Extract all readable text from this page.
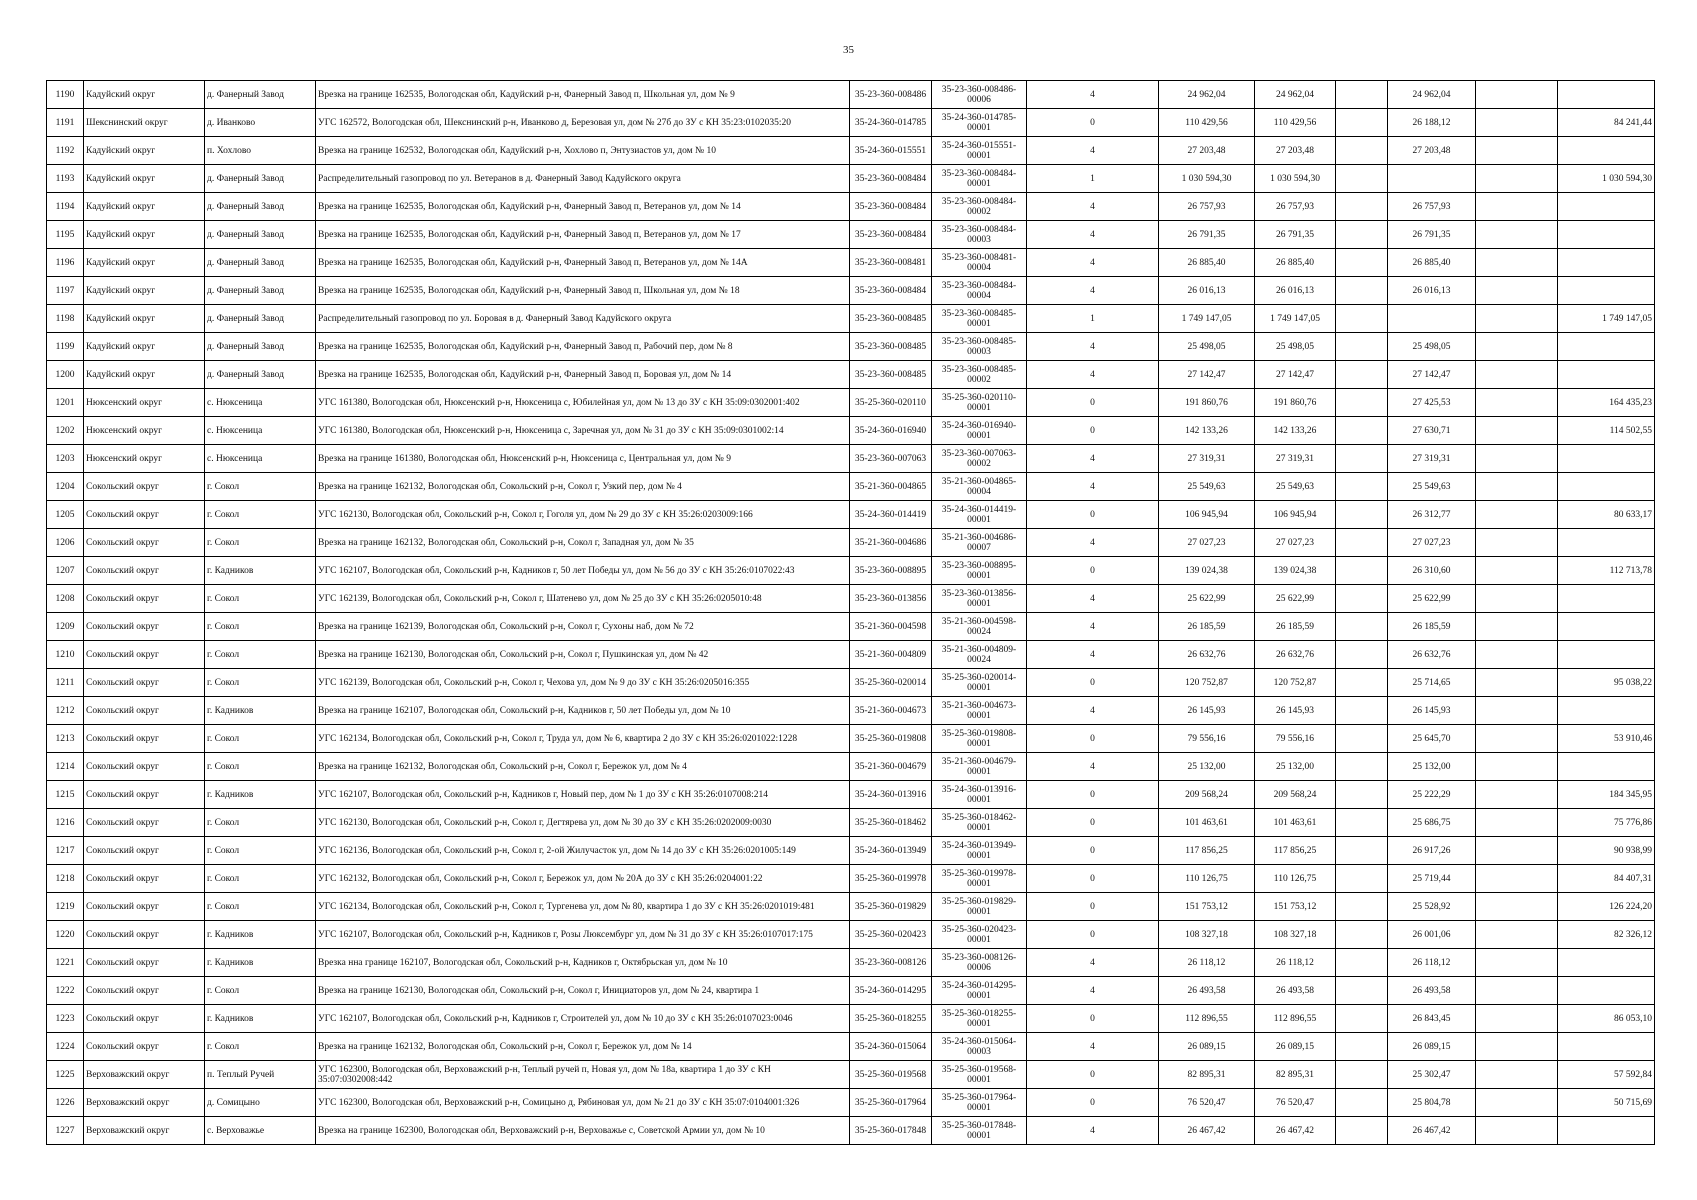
35
1190	Кадуйский округ	д. Фанерный Завод	Врезка на границе 162535, Вологодская обл, Кадуйский р-н, Фанерный Завод п, Школьная ул, дом № 9	35-23-360-008486	35-23-360-008486-00006	4	24 962,04	24 962,04		24 962,04		
1191	Шекснинский округ	д. Иванково	УГС 162572, Вологодская обл, Шекснинский р-н, Иванково д, Березовая ул, дом № 27б до ЗУ с КН 35:23:0102035:20	35-24-360-014785	35-24-360-014785-00001	0	110 429,56	110 429,56		26 188,12		84 241,44
1192	Кадуйский округ	п. Хохлово	Врезка на границе 162532, Вологодская обл, Кадуйский р-н, Хохлово п, Энтузиастов ул, дом № 10	35-24-360-015551	35-24-360-015551-00001	4	27 203,48	27 203,48		27 203,48		
1193	Кадуйский округ	д. Фанерный Завод	Распределительный газопровод по ул. Ветеранов в д. Фанерный Завод Кадуйского округа	35-23-360-008484	35-23-360-008484-00001	1	1 030 594,30	1 030 594,30				1 030 594,30
1194	Кадуйский округ	д. Фанерный Завод	Врезка на границе 162535, Вологодская обл, Кадуйский р-н, Фанерный Завод п, Ветеранов ул, дом № 14	35-23-360-008484	35-23-360-008484-00002	4	26 757,93	26 757,93		26 757,93		
1195	Кадуйский округ	д. Фанерный Завод	Врезка на границе 162535, Вологодская обл, Кадуйский р-н, Фанерный Завод п, Ветеранов ул, дом № 17	35-23-360-008484	35-23-360-008484-00003	4	26 791,35	26 791,35		26 791,35		
1196	Кадуйский округ	д. Фанерный Завод	Врезка на границе 162535, Вологодская обл, Кадуйский р-н, Фанерный Завод п, Ветеранов ул, дом № 14А	35-23-360-008481	35-23-360-008481-00004	4	26 885,40	26 885,40		26 885,40		
1197	Кадуйский округ	д. Фанерный Завод	Врезка на границе 162535, Вологодская обл, Кадуйский р-н, Фанерный Завод п, Школьная ул, дом № 18	35-23-360-008484	35-23-360-008484-00004	4	26 016,13	26 016,13		26 016,13		
1198	Кадуйский округ	д. Фанерный Завод	Распределительный газопровод по ул. Боровая в д. Фанерный Завод Кадуйского округа	35-23-360-008485	35-23-360-008485-00001	1	1 749 147,05	1 749 147,05				1 749 147,05
1199	Кадуйский округ	д. Фанерный Завод	Врезка на границе 162535, Вологодская обл, Кадуйский р-н, Фанерный Завод п, Рабочий пер, дом № 8	35-23-360-008485	35-23-360-008485-00003	4	25 498,05	25 498,05		25 498,05		
1200	Кадуйский округ	д. Фанерный Завод	Врезка на границе 162535, Вологодская обл, Кадуйский р-н, Фанерный Завод п, Боровая ул, дом № 14	35-23-360-008485	35-23-360-008485-00002	4	27 142,47	27 142,47		27 142,47		
1201	Нюксенский округ	с. Нюксеница	УГС 161380, Вологодская обл, Нюксенский р-н, Нюксеница с, Юбилейная ул, дом № 13 до ЗУ с КН 35:09:0302001:402	35-25-360-020110	35-25-360-020110-00001	0	191 860,76	191 860,76		27 425,53		164 435,23
1202	Нюксенский округ	с. Нюксеница	УГС 161380, Вологодская обл, Нюксенский р-н, Нюксеница с, Заречная ул, дом № 31 до ЗУ с КН 35:09:0301002:14	35-24-360-016940	35-24-360-016940-00001	0	142 133,26	142 133,26		27 630,71		114 502,55
1203	Нюксенский округ	с. Нюксеница	Врезка на границе 161380, Вологодская обл, Нюксенский р-н, Нюксеница с, Центральная ул, дом № 9	35-23-360-007063	35-23-360-007063-00002	4	27 319,31	27 319,31		27 319,31		
1204	Сокольский округ	г. Сокол	Врезка на границе 162132, Вологодская обл, Сокольский р-н, Сокол г, Узкий пер, дом № 4	35-21-360-004865	35-21-360-004865-00004	4	25 549,63	25 549,63		25 549,63		
1205	Сокольский округ	г. Сокол	УГС 162130, Вологодская обл, Сокольский р-н, Сокол г, Гоголя ул, дом № 29 до ЗУ с КН 35:26:0203009:166	35-24-360-014419	35-24-360-014419-00001	0	106 945,94	106 945,94		26 312,77		80 633,17
1206	Сокольский округ	г. Сокол	Врезка на границе 162132, Вологодская обл, Сокольский р-н, Сокол г, Западная ул, дом № 35	35-21-360-004686	35-21-360-004686-00007	4	27 027,23	27 027,23		27 027,23		
1207	Сокольский округ	г. Кадников	УГС 162107, Вологодская обл, Сокольский р-н, Кадников г, 50 лет Победы ул, дом № 56 до ЗУ с КН 35:26:0107022:43	35-23-360-008895	35-23-360-008895-00001	0	139 024,38	139 024,38		26 310,60		112 713,78
1208	Сокольский округ	г. Сокол	УГС 162139, Вологодская обл, Сокольский р-н, Сокол г, Шатенево ул, дом № 25 до ЗУ с КН 35:26:0205010:48	35-23-360-013856	35-23-360-013856-00001	4	25 622,99	25 622,99		25 622,99		
1209	Сокольский округ	г. Сокол	Врезка на границе 162139, Вологодская обл, Сокольский р-н, Сокол г, Сухоны наб, дом № 72	35-21-360-004598	35-21-360-004598-00024	4	26 185,59	26 185,59		26 185,59		
1210	Сокольский округ	г. Сокол	Врезка на границе 162130, Вологодская обл, Сокольский р-н, Сокол г, Пушкинская ул, дом № 42	35-21-360-004809	35-21-360-004809-00024	4	26 632,76	26 632,76		26 632,76		
1211	Сокольский округ	г. Сокол	УГС 162139, Вологодская обл, Сокольский р-н, Сокол г, Чехова ул, дом № 9 до ЗУ с КН 35:26:0205016:355	35-25-360-020014	35-25-360-020014-00001	0	120 752,87	120 752,87		25 714,65		95 038,22
1212	Сокольский округ	г. Кадников	Врезка на границе 162107, Вологодская обл, Сокольский р-н, Кадников г, 50 лет Победы ул, дом № 10	35-21-360-004673	35-21-360-004673-00001	4	26 145,93	26 145,93		26 145,93		
1213	Сокольский округ	г. Сокол	УГС 162134, Вологодская обл, Сокольский р-н, Сокол г, Труда ул, дом № 6, квартира 2 до ЗУ с КН 35:26:0201022:1228	35-25-360-019808	35-25-360-019808-00001	0	79 556,16	79 556,16		25 645,70		53 910,46
1214	Сокольский округ	г. Сокол	Врезка на границе 162132, Вологодская обл, Сокольский р-н, Сокол г, Бережок ул, дом № 4	35-21-360-004679	35-21-360-004679-00001	4	25 132,00	25 132,00		25 132,00		
1215	Сокольский округ	г. Кадников	УГС 162107, Вологодская обл, Сокольский р-н, Кадников г, Новый пер, дом № 1 до ЗУ с КН 35:26:0107008:214	35-24-360-013916	35-24-360-013916-00001	0	209 568,24	209 568,24		25 222,29		184 345,95
1216	Сокольский округ	г. Сокол	УГС 162130, Вологодская обл, Сокольский р-н, Сокол г, Дегтярева ул, дом № 30 до ЗУ с КН 35:26:0202009:0030	35-25-360-018462	35-25-360-018462-00001	0	101 463,61	101 463,61		25 686,75		75 776,86
1217	Сокольский округ	г. Сокол	УГС 162136, Вологодская обл, Сокольский р-н, Сокол г, 2-ой Жилучасток ул, дом № 14 до ЗУ с КН 35:26:0201005:149	35-24-360-013949	35-24-360-013949-00001	0	117 856,25	117 856,25		26 917,26		90 938,99
1218	Сокольский округ	г. Сокол	УГС 162132, Вологодская обл, Сокольский р-н, Сокол г, Бережок ул, дом № 20А до ЗУ с КН 35:26:0204001:22	35-25-360-019978	35-25-360-019978-00001	0	110 126,75	110 126,75		25 719,44		84 407,31
1219	Сокольский округ	г. Сокол	УГС 162134, Вологодская обл, Сокольский р-н, Сокол г, Тургенева ул, дом № 80, квартира 1 до ЗУ с КН 35:26:0201019:481	35-25-360-019829	35-25-360-019829-00001	0	151 753,12	151 753,12		25 528,92		126 224,20
1220	Сокольский округ	г. Кадников	УГС 162107, Вологодская обл, Сокольский р-н, Кадников г, Розы Люксембург ул, дом № 31 до ЗУ с КН 35:26:0107017:175	35-25-360-020423	35-25-360-020423-00001	0	108 327,18	108 327,18		26 001,06		82 326,12
1221	Сокольский округ	г. Кадников	Врезка нна границе 162107, Вологодская обл, Сокольский р-н, Кадников г, Октябрьская ул, дом № 10	35-23-360-008126	35-23-360-008126-00006	4	26 118,12	26 118,12		26 118,12		
1222	Сокольский округ	г. Сокол	Врезка на границе 162130, Вологодская обл, Сокольский р-н, Сокол г, Инициаторов ул, дом № 24, квартира 1	35-24-360-014295	35-24-360-014295-00001	4	26 493,58	26 493,58		26 493,58		
1223	Сокольский округ	г. Кадников	УГС 162107, Вологодская обл, Сокольский р-н, Кадников г, Строителей ул, дом № 10 до ЗУ с КН 35:26:0107023:0046	35-25-360-018255	35-25-360-018255-00001	0	112 896,55	112 896,55		26 843,45		86 053,10
1224	Сокольский округ	г. Сокол	Врезка на границе 162132, Вологодская обл, Сокольский р-н, Сокол г, Бережок ул, дом № 14	35-24-360-015064	35-24-360-015064-00003	4	26 089,15	26 089,15		26 089,15		
1225	Верховажский округ	п. Теплый Ручей	УГС 162300, Вологодская обл, Верховажский р-н, Теплый ручей п, Новая ул, дом № 18а, квартира 1 до ЗУ с КН 35:07:0302008:442	35-25-360-019568	35-25-360-019568-00001	0	82 895,31	82 895,31		25 302,47		57 592,84
1226	Верховажский округ	д. Сомицыно	УГС 162300, Вологодская обл, Верховажский р-н, Сомицыно д, Рябиновая ул, дом № 21 до ЗУ с КН 35:07:0104001:326	35-25-360-017964	35-25-360-017964-00001	0	76 520,47	76 520,47		25 804,78		50 715,69
1227	Верховажский округ	с. Верховажье	Врезка на границе 162300, Вологодская обл, Верховажский р-н, Верховажье с, Советской Армии ул, дом № 10	35-25-360-017848	35-25-360-017848-00001	4	26 467,42	26 467,42		26 467,42		
